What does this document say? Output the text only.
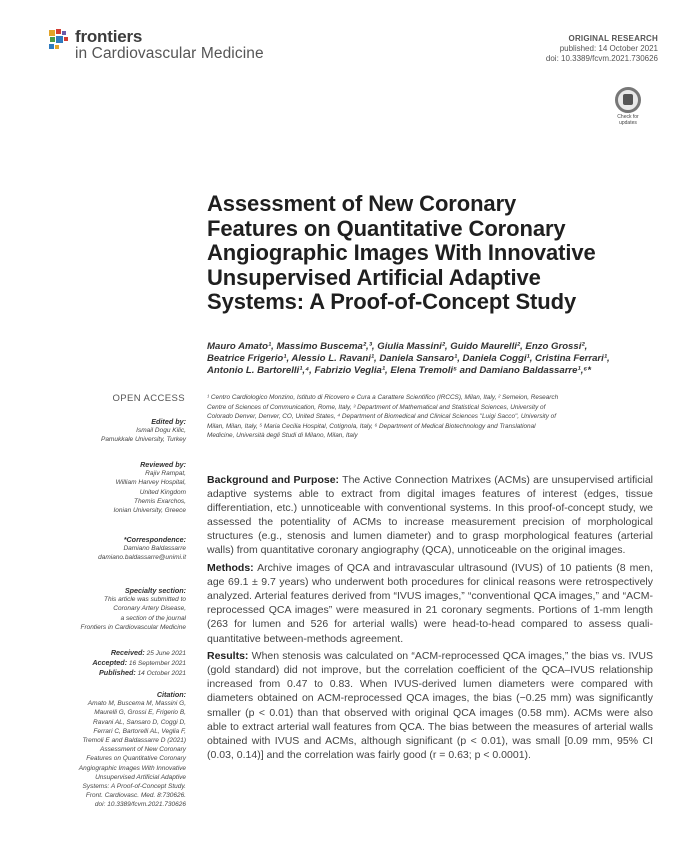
frontiers
in Cardiovascular Medicine
ORIGINAL RESEARCH
published: 14 October 2021
doi: 10.3389/fcvm.2021.730626
Check for updates
Assessment of New Coronary
Features on Quantitative Coronary
Angiographic Images With Innovative
Unsupervised Artificial Adaptive
Systems: A Proof-of-Concept Study
Mauro Amato¹, Massimo Buscema²,³, Giulia Massini², Guido Maurelli², Enzo Grossi²,
Beatrice Frigerio¹, Alessio L. Ravani¹, Daniela Sansaro¹, Daniela Coggi¹, Cristina Ferrari¹,
Antonio L. Bartorelli¹,⁴, Fabrizio Veglia¹, Elena Tremoli⁵ and Damiano Baldassarre¹,⁶*
¹ Centro Cardiologico Monzino, Istituto di Ricovero e Cura a Carattere Scientifico (IRCCS), Milan, Italy, ² Semeion, Research
Centre of Sciences of Communication, Rome, Italy, ³ Department of Mathematical and Statistical Sciences, University of
Colorado Denver, Denver, CO, United States, ⁴ Department of Biomedical and Clinical Sciences "Luigi Sacco", University of
Milan, Milan, Italy, ⁵ Maria Cecilia Hospital, Cotignola, Italy, ⁶ Department of Medical Biotechnology and Translational
Medicine, Università degli Studi di Milano, Milan, Italy
OPEN ACCESS
Edited by:
Ismail Dogu Kilic,
Pamukkale University, Turkey
Reviewed by:
Rajiv Rampat,
William Harvey Hospital,
United Kingdom
Themis Exarchos,
Ionian University, Greece
*Correspondence:
Damiano Baldassarre
damiano.baldassarre@unimi.it
Specialty section:
This article was submitted to
Coronary Artery Disease,
a section of the journal
Frontiers in Cardiovascular Medicine
Received: 25 June 2021
Accepted: 16 September 2021
Published: 14 October 2021
Citation:
Amato M, Buscema M, Massini G,
Maurelli G, Grossi E, Frigerio B,
Ravani AL, Sansaro D, Coggi D,
Ferrari C, Bartorelli AL, Veglia F,
Tremoli E and Baldassarre D (2021)
Assessment of New Coronary
Features on Quantitative Coronary
Angiographic Images With Innovative
Unsupervised Artificial Adaptive
Systems: A Proof-of-Concept Study.
Front. Cardiovasc. Med. 8:730626.
doi: 10.3389/fcvm.2021.730626

Background and Purpose: The Active Connection Matrixes (ACMs) are unsupervised artificial adaptive systems able to extract from digital images features of interest (edges, tissue differentiation, etc.) unnoticeable with conventional systems. In this proof-of-concept study, we assessed the potentiality of ACMs to increase measurement precision of morphological structures (e.g., stenosis and lumen diameter) and to grasp morphological features (arterial walls) from quantitative coronary angiography (QCA), unnoticeable on the original images.

Methods: Archive images of QCA and intravascular ultrasound (IVUS) of 10 patients (8 men, age 69.1 ± 9.7 years) who underwent both procedures for clinical reasons were retrospectively analyzed. Arterial features derived from “IVUS images,” “conventional QCA images,” and “ACM-reprocessed QCA images” were measured in 21 coronary segments. Portions of 1-mm length (263 for lumen and 526 for arterial walls) were head-to-head compared to assess quali-quantitative between-methods agreement.

Results: When stenosis was calculated on “ACM-reprocessed QCA images,” the bias vs. IVUS (gold standard) did not improve, but the correlation coefficient of the QCA–IVUS relationship increased from 0.47 to 0.83. When IVUS-derived lumen diameters were compared with diameters obtained on ACM-reprocessed QCA images, the bias (−0.25 mm) was significantly smaller (p < 0.01) than that observed with original QCA images (0.58 mm). ACMs were also able to extract arterial wall features from QCA. The bias between the measures of arterial walls obtained with IVUS and ACMs, although significant (p < 0.01), was small [0.09 mm, 95% CI (0.03, 0.14)] and the correlation was fairly good (r = 0.63; p < 0.0001).
